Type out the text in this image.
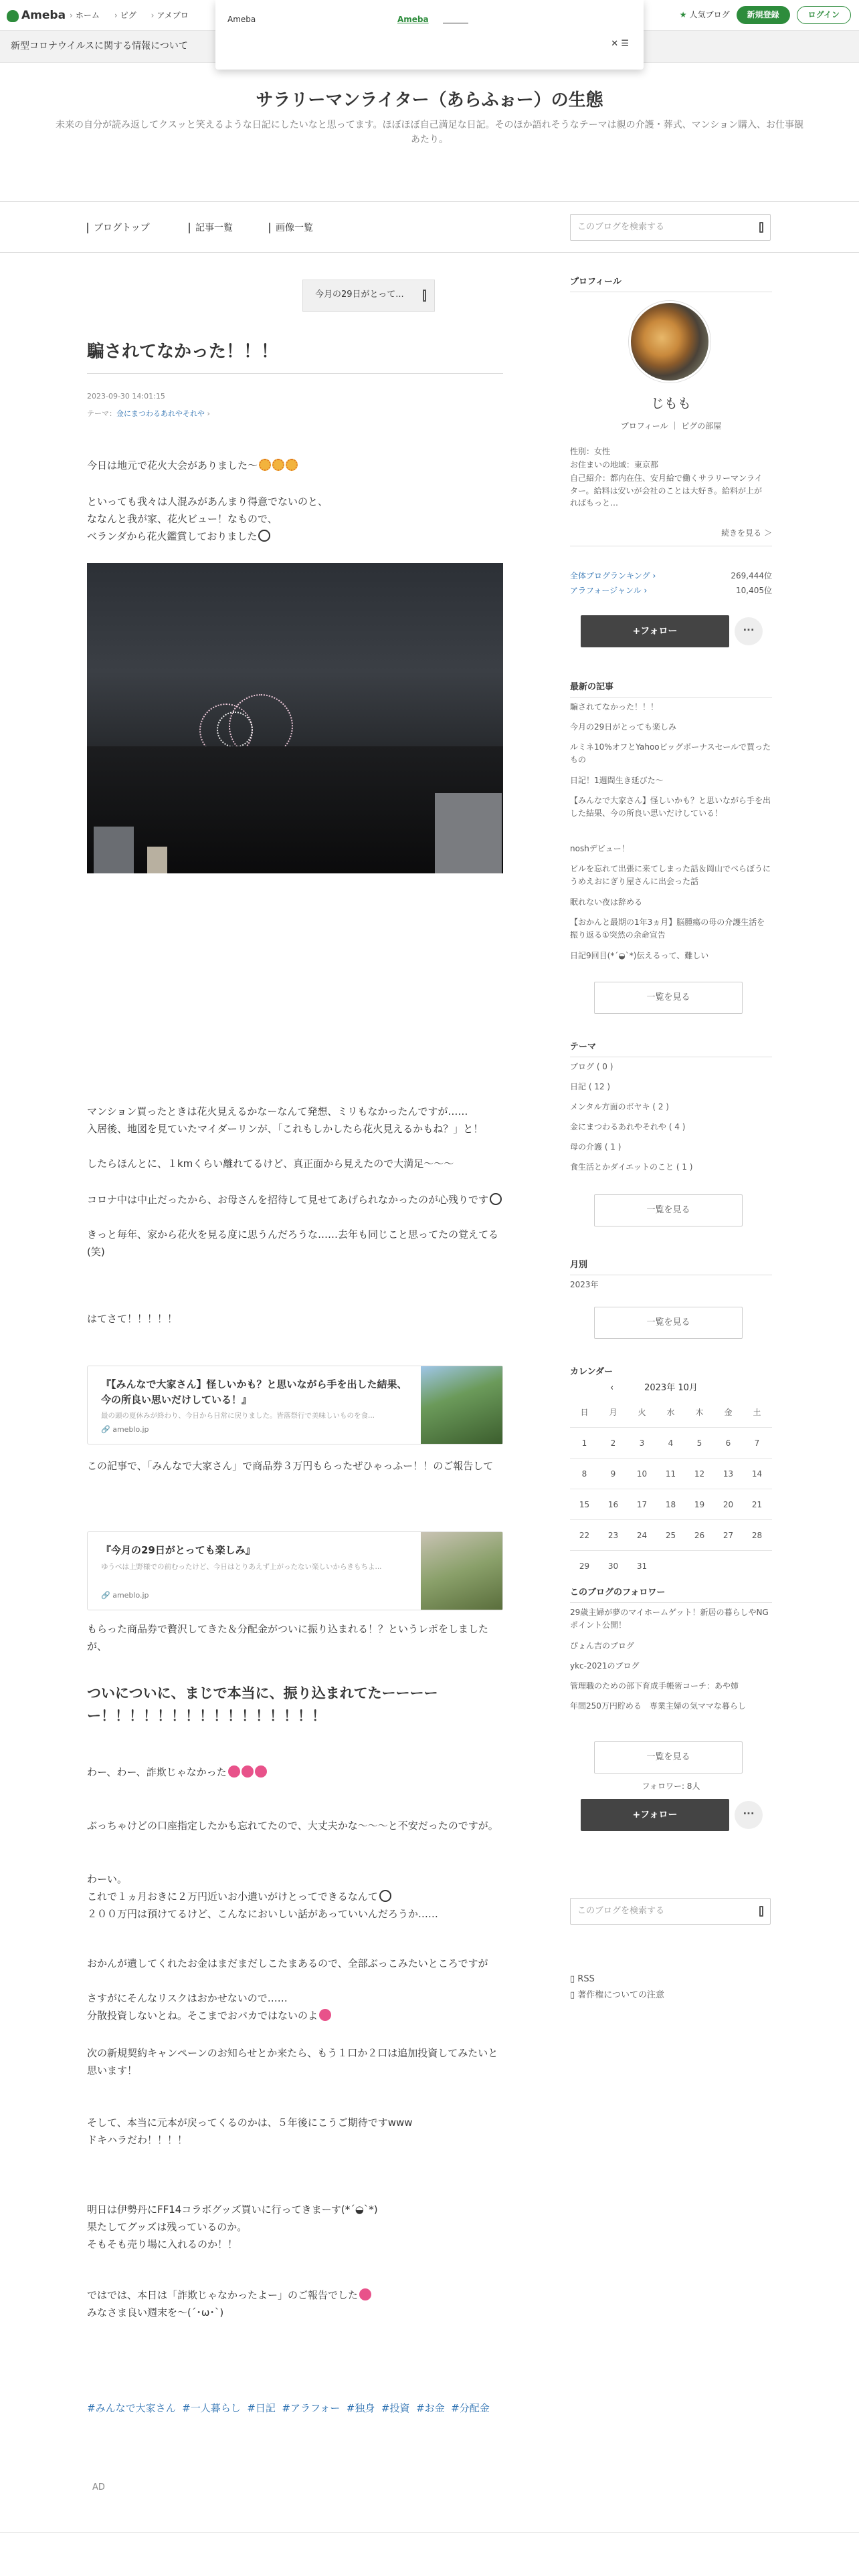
Ameba	› ホーム	› ピグ	› アメブロ	★ 人気ブログ	新規登録	ログイン
新型コロナウイルスに関する情報について
Ameba	Ameba
✕ ☰
サラリーマンライター（あらふぉー）の生態

未来の自分が読み返してクスッと笑えるような日記にしたいなと思ってます。ほぼほぼ自己満足な日記。そのほか語れそうなテーマは親の介護・葬式、マンション購入、お仕事観あたり。

ブログトップ	記事一覧	画像一覧	このブログを検索する
今月の29日がとって...
騙されてなかった！！！
2023-09-30 14:01:15
テーマ：金にまつわるあれやそれや ›
今日は地元で花火大会がありました〜
といっても我々は人混みがあんまり得意でないのと、
ななんと我が家、花火ビュー！なもので、
ベランダから花火鑑賞しておりました
マンション買ったときは花火見えるかなーなんて発想、ミリもなかったんですが……
入居後、地図を見ていたマイダーリンが、「これもしかしたら花火見えるかもね？」と！
したらほんとに、１kmくらい離れてるけど、真正面から見えたので大満足〜〜〜
コロナ中は中止だったから、お母さんを招待して見せてあげられなかったのが心残りです
きっと毎年、家から花火を見る度に思うんだろうな……去年も同じこと思ってたの覚えてる(笑)
はてさて！！！！！
『【みんなで大家さん】怪しいかも？と思いながら手を出した結果、今の所良い思いだけしている！』
最の頭の夏休みが終わり、今日から日常に戻りました。皆落祭行で美味しいものを食...
🔗 ameblo.jp
この記事で、「みんなで大家さん」で商品券３万円もらったぜひゃっふー！！のご報告して
『今月の29日がとっても楽しみ』
ゆうべは上野様での前むったけど、今日はとりあえず上がったない楽しいからきもちよ...
🔗 ameblo.jp
もらった商品券で贅沢してきた＆分配金がついに振り込まれる！？というレポをしましたが、
ついについに、まじで本当に、振り込まれてたーーーーー！！！！！！！！！！！！！！！！
わー、わー、詐欺じゃなかった
ぶっちゃけどの口座指定したかも忘れてたので、大丈夫かな〜〜〜と不安だったのですが。
わーい。
これで１ヵ月おきに２万円近いお小遣いがけとってできるなんて
２００万円は預けてるけど、こんなにおいしい話があっていいんだろうか……
おかんが遺してくれたお金はまだまだしこたまあるので、全部ぶっこみたいところですが
さすがにそんなリスクはおかせないので……
分散投資しないとね。そこまでおバカではないのよ
次の新規契約キャンペーンのお知らせとか来たら、もう１口か２口は追加投資してみたいと思います！
そして、本当に元本が戻ってくるのかは、５年後にこうご期待ですwww
ドキハラだわ！！！！
明日は伊勢丹にFF14コラボグッズ買いに行ってきまーす(*´◒`*)
果たしてグッズは残っているのか。
そもそも売り場に入れるのか！！
ではでは、本日は「詐欺じゃなかったよー」のご報告でした
みなさま良い週末を〜(´･ω･`)
#みんなで大家さん #一人暮らし #日記 #アラフォー #独身 #投資 #お金 #分配金
AD
プロフィール
じもも
プロフィール ｜ ピグの部屋
性別：女性
お住まいの地域：東京都
自己紹介：都内在住、安月給で働くサラリーマンライター。給料は安いが会社のことは大好き。給料が上がればもっと…
続きを見る ＞
全体ブログランキング ›	269,444位
アラフォージャンル ›	10,405位
+フォロー	···
最新の記事
騙されてなかった！！！
今月の29日がとっても楽しみ
ルミネ10%オフとYahooビッグボーナスセールで買ったもの
日記！1週間生き延びた〜
【みんなで大家さん】怪しいかも？と思いながら手を出した結果、今の所良い思いだけしている！
noshデビュー！
ビルを忘れて出張に来てしまった話＆岡山でべらぼうにうめえおにぎり屋さんに出会った話
眠れない夜は辞める
【おかんと最期の1年3ヵ月】脳腫瘍の母の介護生活を振り返る①突然の余命宣告
日記9回目(*´◒`*)伝えるって、難しい
一覧を見る
テーマ
ブログ ( 0 )
日記 ( 12 )
メンタル方面のボヤキ ( 2 )
金にまつわるあれやそれや ( 4 )
母の介護 ( 1 )
食生活とかダイエットのこと ( 1 )
一覧を見る
月別
2023年
一覧を見る
カレンダー
‹	2023年 10月
日	月	火	水	木	金	土
1	2	3	4	5	6	7
8	9	10	11	12	13	14
15	16	17	18	19	20	21
22	23	24	25	26	27	28
29	30	31
このブログのフォロワー
29歳主婦が夢のマイホームゲット！新居の暮らしやNGポイント公開！
ぴょん吉のブログ
ykc-2021のブログ
管理職のための部下育成手帳術コーチ：あや姉
年間250万円貯める　専業主婦の気ママな暮らし
一覧を見る
フォロワー: 8人
+フォロー	···
このブログを検索する
▯ RSS
▯ 著作権についての注意
